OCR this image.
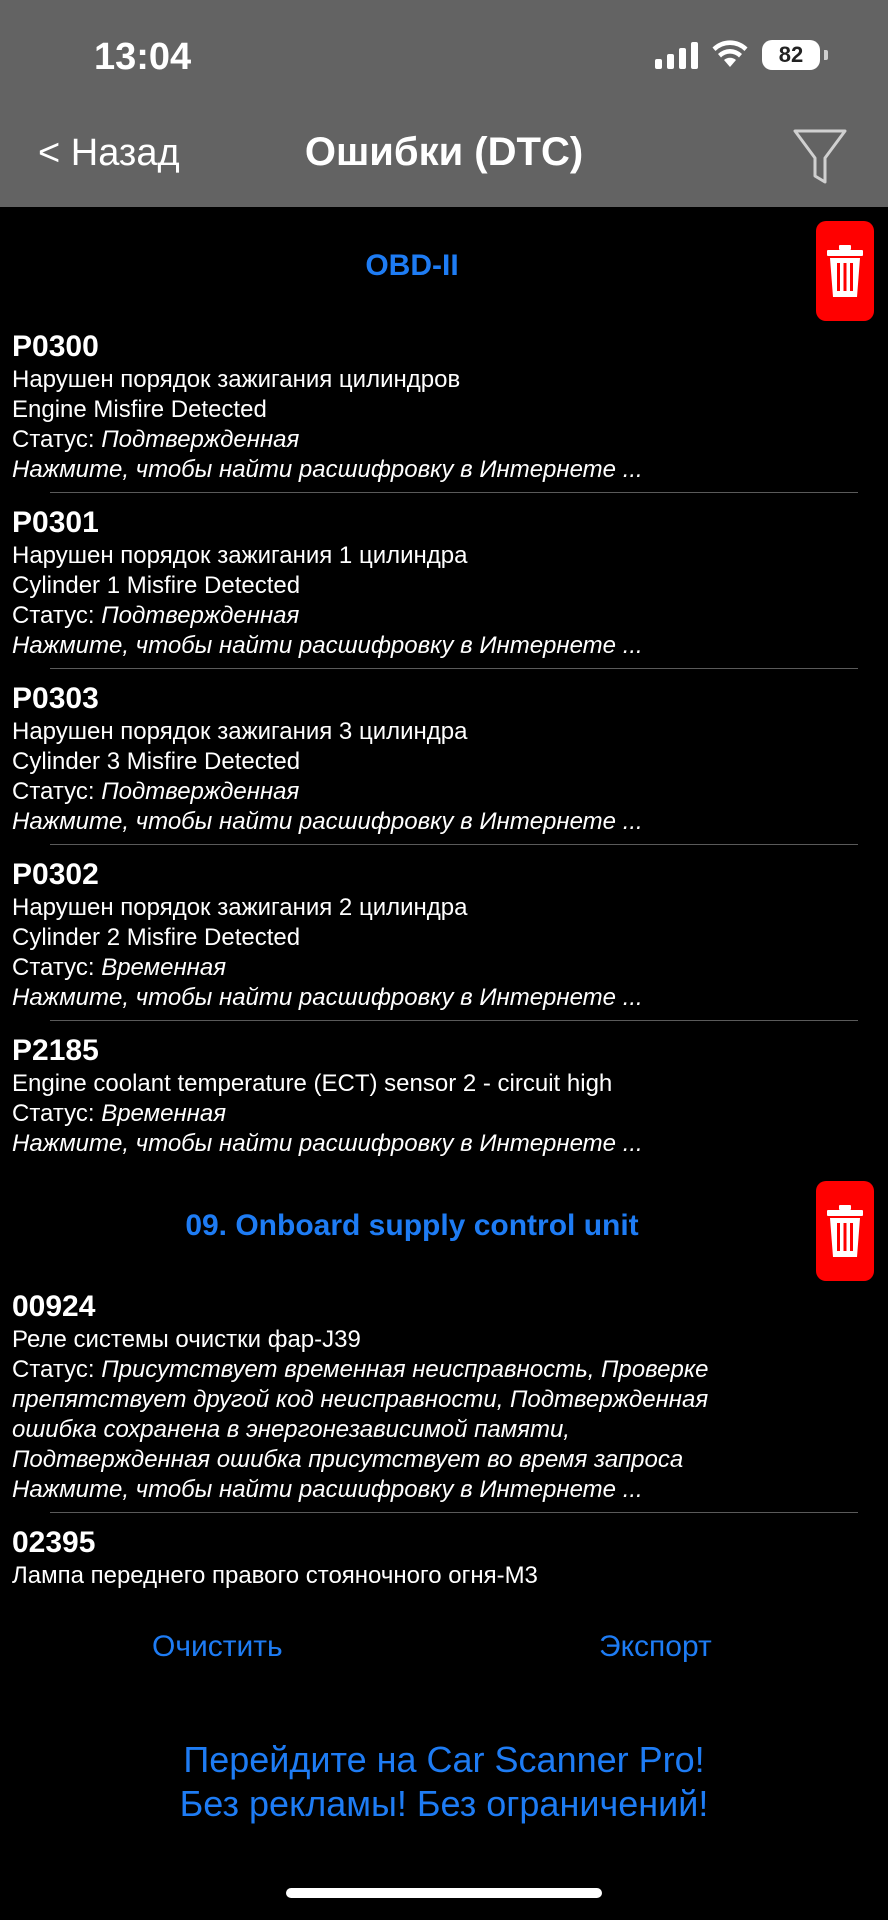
13:04	82
< Назад	Ошибки (DTC)
OBD-II
P0300
Нарушен порядок зажигания цилиндров
Engine Misfire Detected
Статус: Подтвержденная
Нажмите, чтобы найти расшифровку в Интернете ...
P0301
Нарушен порядок зажигания 1 цилиндра
Cylinder 1 Misfire Detected
Статус: Подтвержденная
Нажмите, чтобы найти расшифровку в Интернете ...
P0303
Нарушен порядок зажигания 3 цилиндра
Cylinder 3 Misfire Detected
Статус: Подтвержденная
Нажмите, чтобы найти расшифровку в Интернете ...
P0302
Нарушен порядок зажигания 2 цилиндра
Cylinder 2 Misfire Detected
Статус: Временная
Нажмите, чтобы найти расшифровку в Интернете ...
P2185
Engine coolant temperature (ECT) sensor 2 - circuit high
Статус: Временная
Нажмите, чтобы найти расшифровку в Интернете ...
09. Onboard supply control unit
00924
Реле системы очистки фар-J39
Статус: Присутствует временная неисправность, Проверке
препятствует другой код неисправности, Подтвержденная
ошибка сохранена в энергонезависимой памяти,
Подтвержденная ошибка присутствует во время запроса
Нажмите, чтобы найти расшифровку в Интернете ...
02395
Лампа переднего правого стояночного огня-M3
Очистить	Экспорт
Перейдите на Car Scanner Pro!
Без рекламы! Без ограничений!
